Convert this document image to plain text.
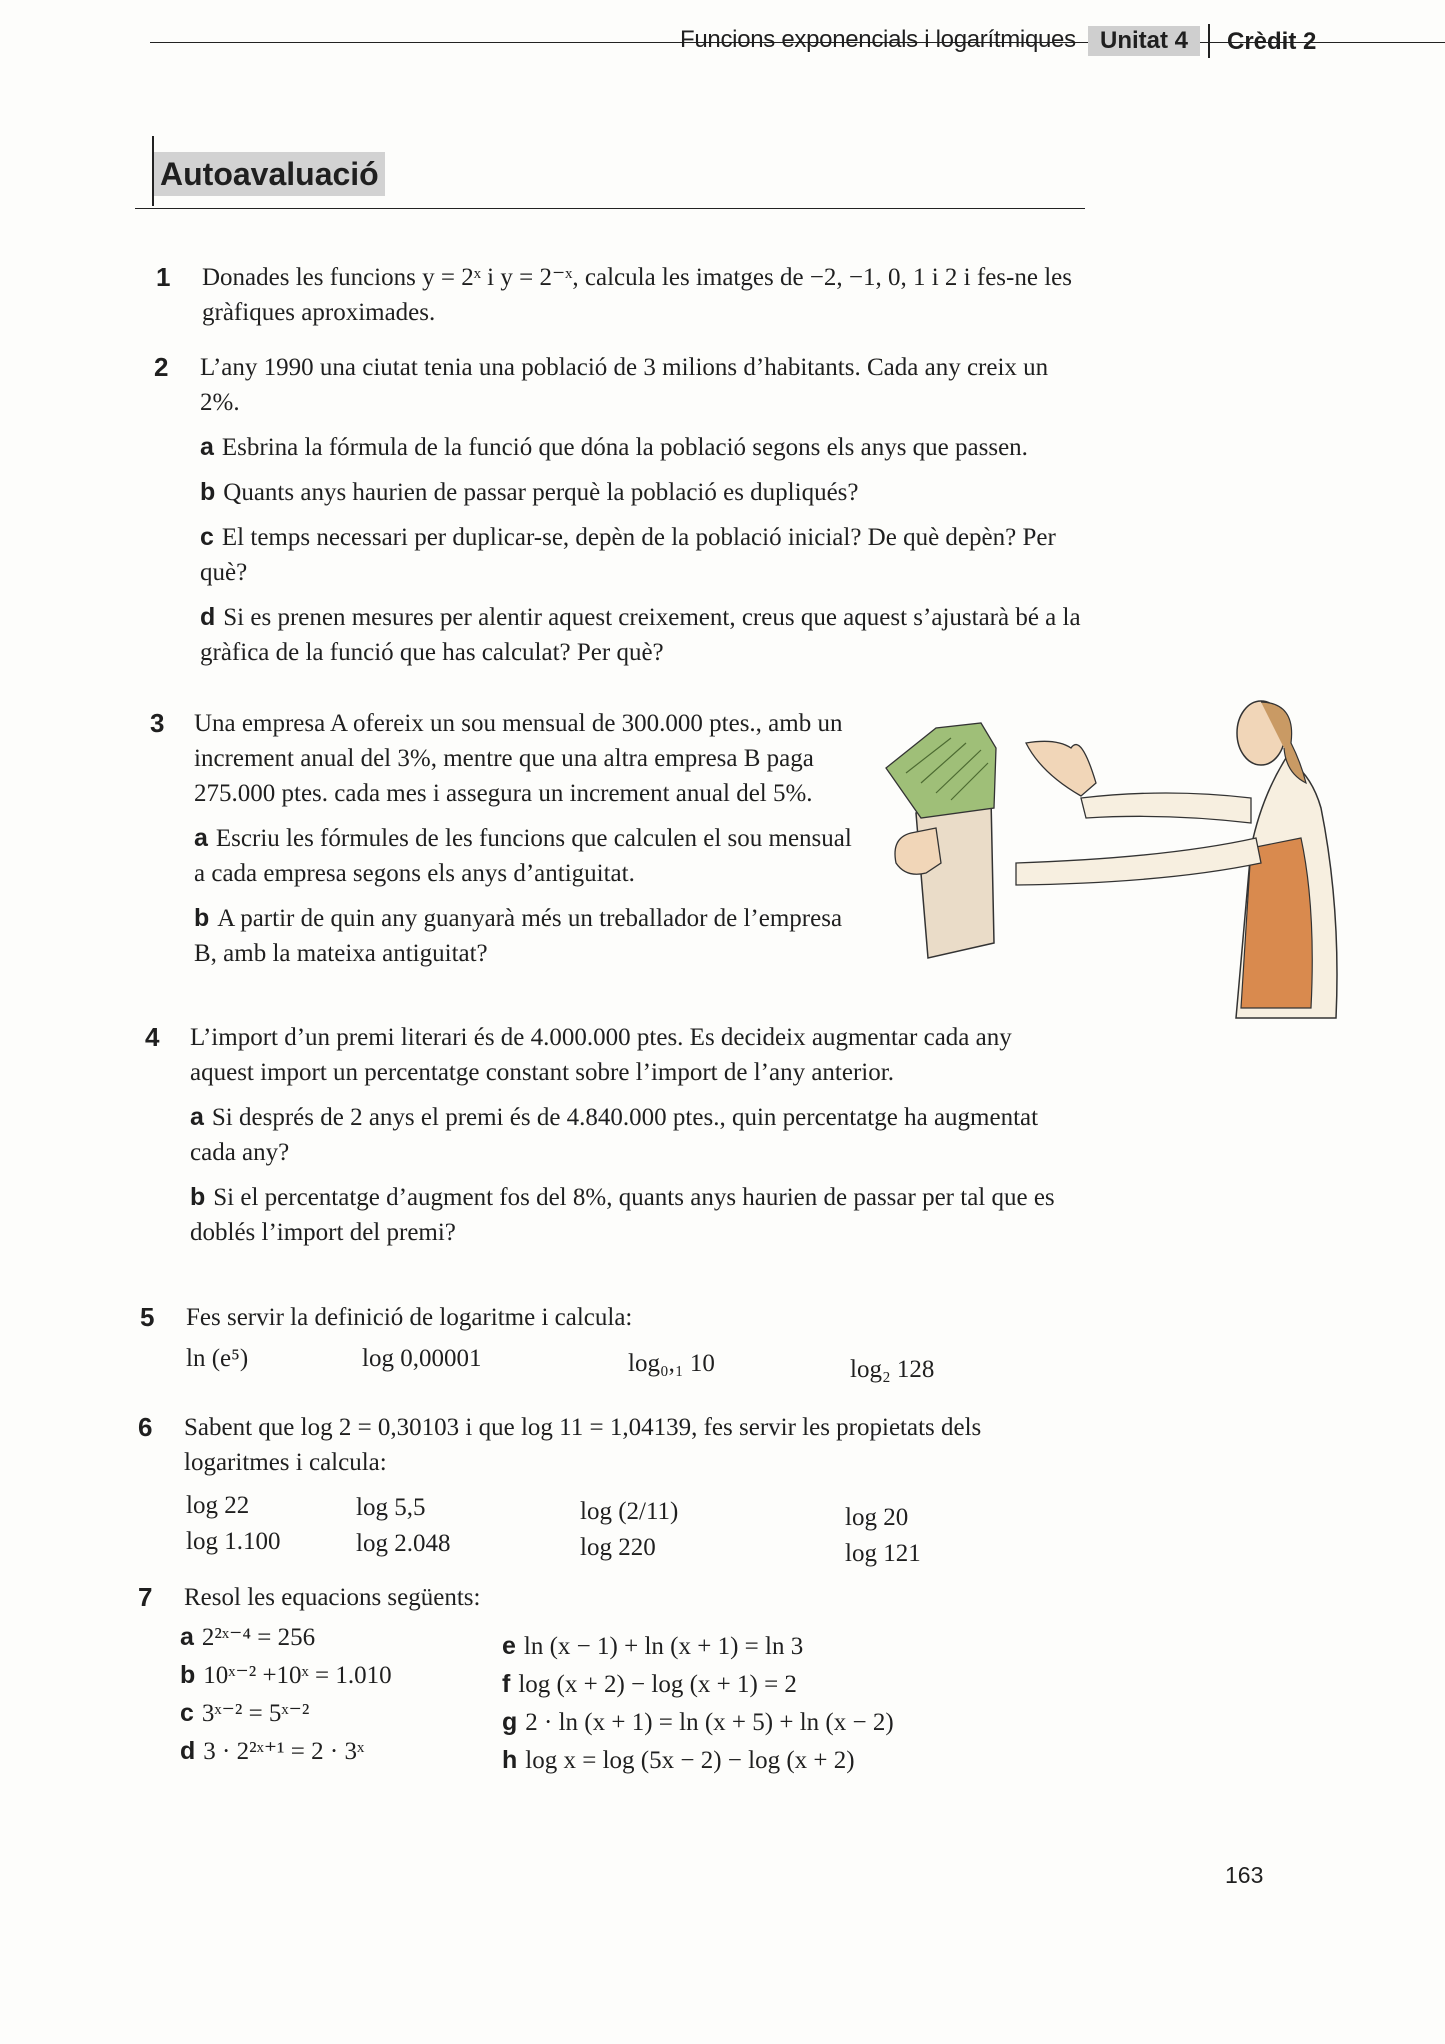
Funcions exponencials i logarítmiques	Unitat 4	Crèdit 2
Autoavaluació
1 Donades les funcions y = 2ˣ i y = 2⁻ˣ, calcula les imatges de −2, −1, 0, 1 i 2 i fes-ne les gràfiques aproximades.
2 L’any 1990 una ciutat tenia una població de 3 milions d’habitants. Cada any creix un 2%.
a Esbrina la fórmula de la funció que dóna la població segons els anys que passen.
b Quants anys haurien de passar perquè la població es dupliqués?
c El temps necessari per duplicar-se, depèn de la població inicial? De què depèn? Per què?
d Si es prenen mesures per alentir aquest creixement, creus que aquest s’ajustarà bé a la gràfica de la funció que has calculat? Per què?
3 Una empresa A ofereix un sou mensual de 300.000 ptes., amb un increment anual del 3%, mentre que una altra empresa B paga 275.000 ptes. cada mes i assegura un increment anual del 5%.
a Escriu les fórmules de les funcions que calculen el sou mensual a cada empresa segons els anys d’antiguitat.
b A partir de quin any guanyarà més un treballador de l’empresa B, amb la mateixa antiguitat?
4 L’import d’un premi literari és de 4.000.000 ptes. Es decideix augmentar cada any aquest import un percentatge constant sobre l’import de l’any anterior.
a Si després de 2 anys el premi és de 4.840.000 ptes., quin percentatge ha augmentat cada any?
b Si el percentatge d’augment fos del 8%, quants anys haurien de passar per tal que es doblés l’import del premi?
5 Fes servir la definició de logaritme i calcula:
ln (e⁵)	log 0,00001	log₀,₁ 10	log₂ 128
6 Sabent que log 2 = 0,30103 i que log 11 = 1,04139, fes servir les propietats dels logaritmes i calcula:
log 22	log 5,5	log (2/11)	log 20
log 1.100	log 2.048	log 220	log 121
7 Resol les equacions següents:
a 2²ˣ⁻⁴ = 256
b 10ˣ⁻² +10ˣ = 1.010
c 3ˣ⁻² = 5ˣ⁻²
d 3 · 2²ˣ⁺¹ = 2 · 3ˣ
e ln (x − 1) + ln (x + 1) = ln 3
f log (x + 2) − log (x + 1) = 2
g 2 · ln (x + 1) = ln (x + 5) + ln (x − 2)
h log x = log (5x − 2) − log (x + 2)
163
